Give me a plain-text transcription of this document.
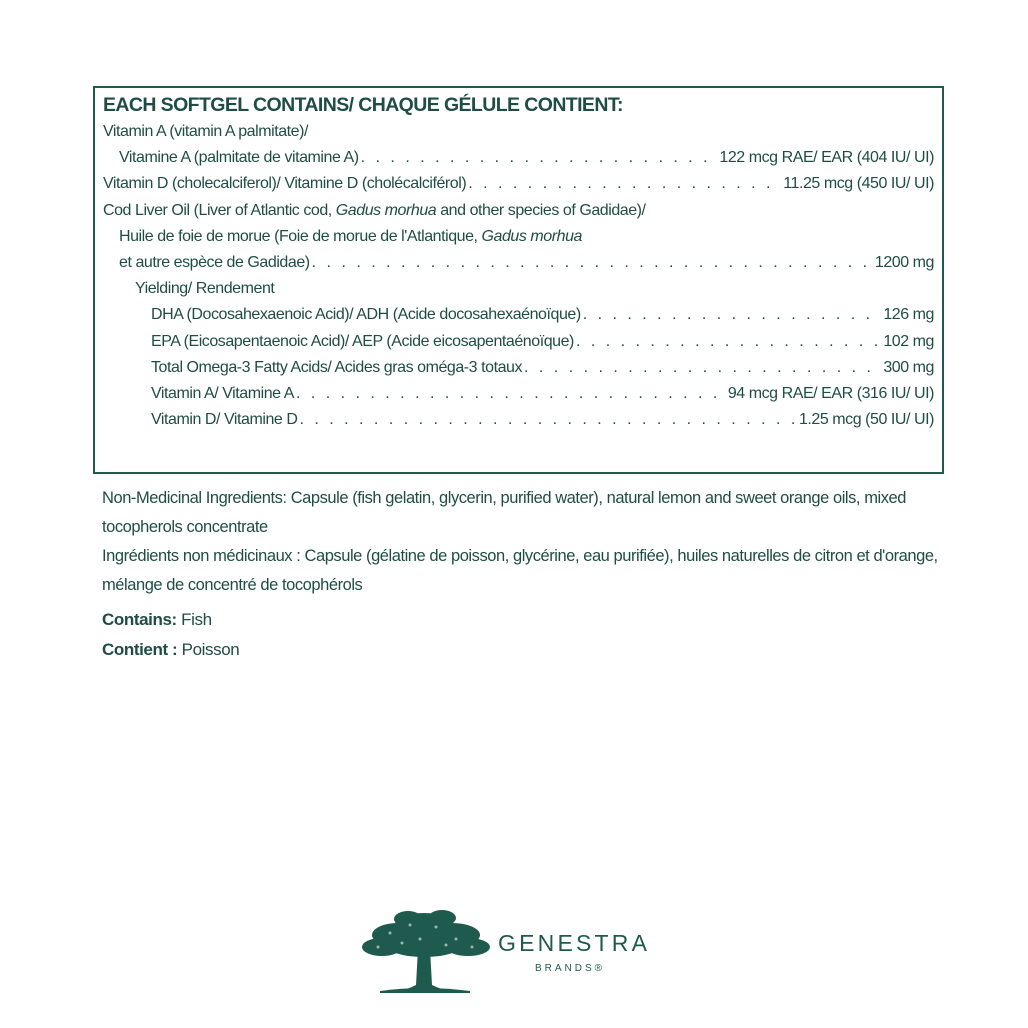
EACH SOFTGEL CONTAINS/ CHAQUE GÉLULE CONTIENT:
Vitamin A (vitamin A palmitate)/
Vitamine A (palmitate de vitamine A) . . .	122 mcg RAE/ EAR (404 IU/ UI)
Vitamin D (cholecalciferol)/ Vitamine D (cholécalciférol) . . .	11.25 mcg (450 IU/ UI)
Cod Liver Oil (Liver of Atlantic cod, Gadus morhua and other species of Gadidae)/
Huile de foie de morue (Foie de morue de l'Atlantique, Gadus morhua
et autre espèce de Gadidae) . . .	1200 mg
Yielding/ Rendement
DHA (Docosahexaenoic Acid)/ ADH (Acide docosahexaénoïque) . . .	126 mg
EPA (Eicosapentaenoic Acid)/ AEP (Acide eicosapentaénoïque) . . .	102 mg
Total Omega-3 Fatty Acids/ Acides gras oméga-3 totaux . . .	300 mg
Vitamin A/ Vitamine A . . .	94 mcg RAE/ EAR (316 IU/ UI)
Vitamin D/ Vitamine D . . .	1.25 mcg (50 IU/ UI)

Non-Medicinal Ingredients: Capsule (fish gelatin, glycerin, purified water), natural lemon and sweet orange oils, mixed tocopherols concentrate

Ingrédients non médicinaux : Capsule (gélatine de poisson, glycérine, eau purifiée), huiles naturelles de citron et d'orange, mélange de concentré de tocophérols

Contains: Fish
Contient : Poisson
GENESTRA
BRANDS®
